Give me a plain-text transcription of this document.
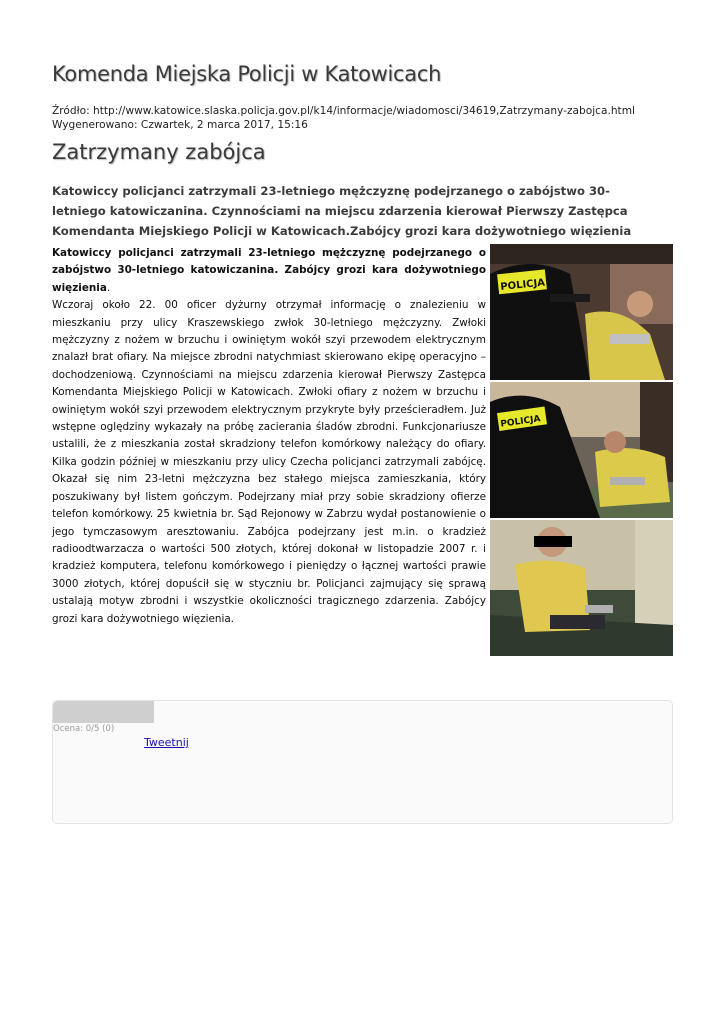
Komenda Miejska Policji w Katowicach
Źródło: http://www.katowice.slaska.policja.gov.pl/k14/informacje/wiadomosci/34619,Zatrzymany-zabojca.html
Wygenerowano: Czwartek, 2 marca 2017, 15:16
Zatrzymany zabójca
Katowiccy policjanci zatrzymali 23-letniego mężczyznę podejrzanego o zabójstwo 30-letniego katowiczanina. Czynnościami na miejscu zdarzenia kierował Pierwszy Zastępca Komendanta Miejskiego Policji w Katowicach.Zabójcy grozi kara dożywotniego więzienia

Katowiccy policjanci zatrzymali 23-letniego mężczyznę podejrzanego o zabójstwo 30-letniego katowiczanina. Zabójcy grozi kara dożywotniego więzienia.

Wczoraj około 22. 00 oficer dyżurny otrzymał informację o znalezieniu w mieszkaniu przy ulicy Kraszewskiego zwłok 30-letniego mężczyzny. Zwłoki mężczyzny z nożem w brzuchu i owiniętym wokół szyi przewodem elektrycznym znalazł brat ofiary. Na miejsce zbrodni natychmiast skierowano ekipę operacyjno – dochodzeniową. Czynnościami na miejscu zdarzenia kierował Pierwszy Zastępca Komendanta Miejskiego Policji w Katowicach. Zwłoki ofiary z nożem w brzuchu i owiniętym wokół szyi przewodem elektrycznym przykryte były prześcieradłem. Już wstępne oględziny wykazały na próbę zacierania śladów zbrodni. Funkcjonariusze ustalili, że z mieszkania został skradziony telefon komórkowy należący do ofiary. Kilka godzin później w mieszkaniu przy ulicy Czecha policjanci zatrzymali zabójcę. Okazał się nim 23-letni mężczyzna bez stałego miejsca zamieszkania, który poszukiwany był listem gończym. Podejrzany miał przy sobie skradziony ofierze telefon komórkowy. 25 kwietnia br. Sąd Rejonowy w Zabrzu wydał postanowienie o jego tymczasowym aresztowaniu. Zabójca podejrzany jest m.in. o kradzież radioodtwarzacza o wartości 500 złotych, której dokonał w listopadzie 2007 r. i kradzież komputera, telefonu komórkowego i pieniędzy o łącznej wartości prawie 3000 złotych, której dopuścił się w styczniu br. Policjanci zajmujący się sprawą ustalają motyw zbrodni i wszystkie okoliczności tragicznego zdarzenia. Zabójcy grozi kara dożywotniego więzienia.

POLICJA
POLICJA
Ocena: 0/5 (0)
Tweetnij
